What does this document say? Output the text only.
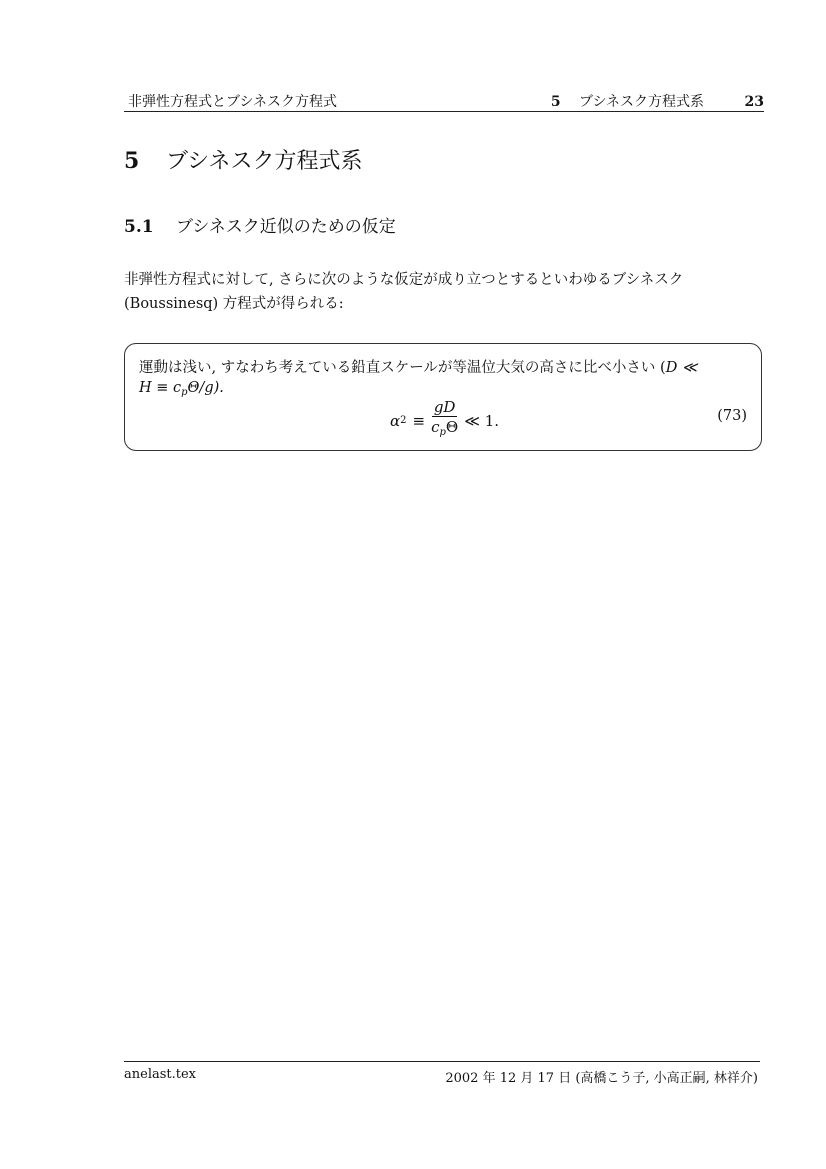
非弾性方程式とブシネスク方程式	5 ブシネスク方程式系	23
5 ブシネスク方程式系
5.1 ブシネスク近似のための仮定
非弾性方程式に対して, さらに次のような仮定が成り立つとするといわゆるブシネスク
(Boussinesq) 方程式が得られる:
運動は浅い, すなわち考えている鉛直スケールが等温位大気の高さに比べ小さい (D ≪
$H \equiv c_p\Theta/g$).
α $2 \equiv \frac{gD}{c_p\Theta}$ ≪ 1.	(73)
anelast.tex	2002 年 12 月 17 日 (高橋こう子, 小高正嗣, 林祥介)
